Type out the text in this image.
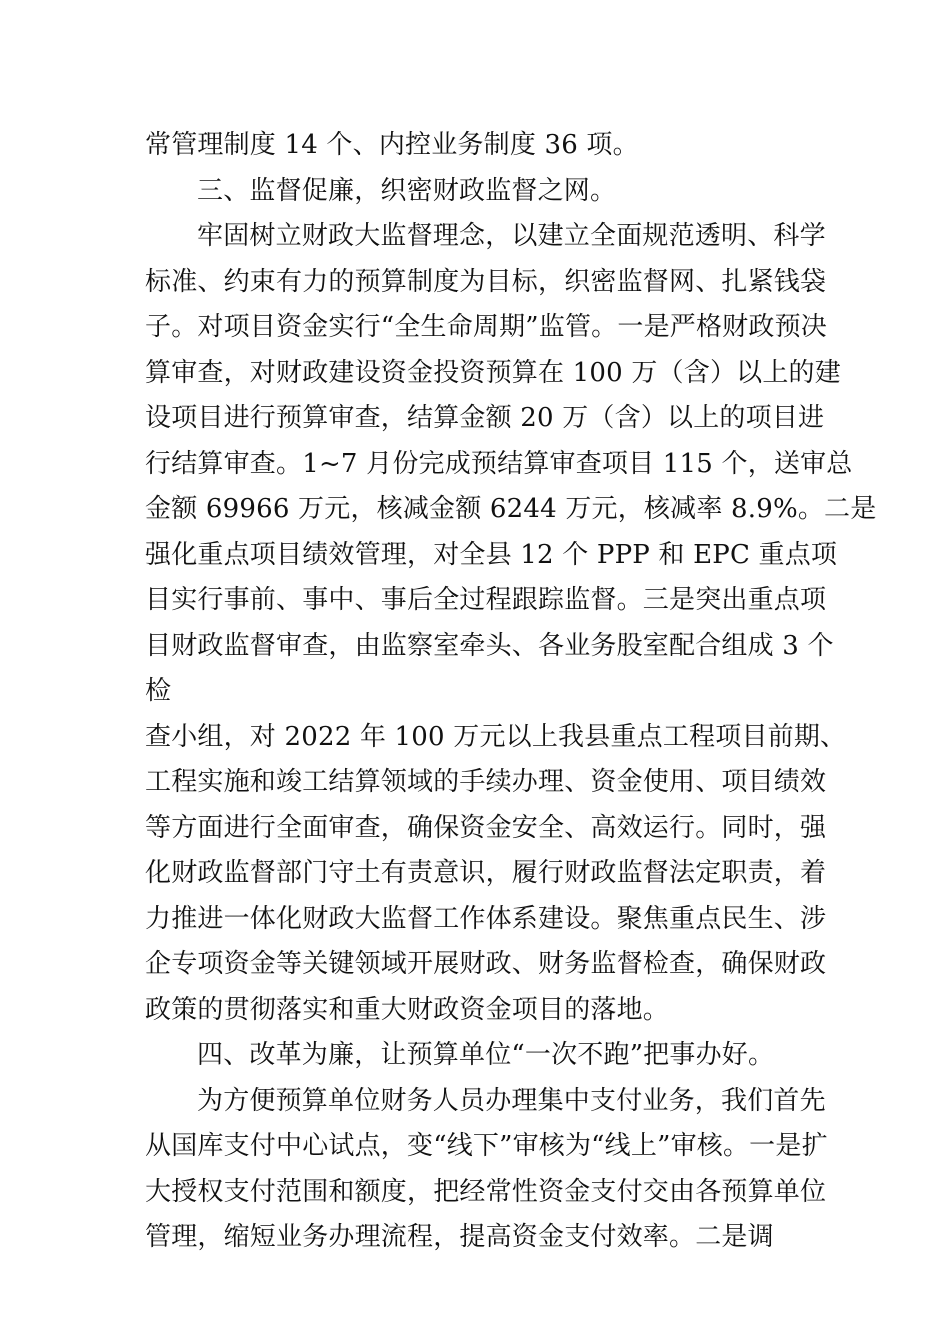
常管理制度 14 个、内控业务制度 36 项。
三、监督促廉，织密财政监督之网。
牢固树立财政大监督理念，以建立全面规范透明、科学
标准、约束有力的预算制度为目标，织密监督网、扎紧钱袋
子。对项目资金实行“全生命周期”监管。一是严格财政预决
算审查，对财政建设资金投资预算在 100 万（含）以上的建
设项目进行预算审查，结算金额 20 万（含）以上的项目进
行结算审查。1~7 月份完成预结算审查项目 115 个，送审总
金额 69966 万元，核减金额 6244 万元，核减率 8.9%。二是
强化重点项目绩效管理，对全县 12 个 PPP 和 EPC 重点项
目实行事前、事中、事后全过程跟踪监督。三是突出重点项
目财政监督审查，由监察室牵头、各业务股室配合组成 3 个
检
查小组，对 2022 年 100 万元以上我县重点工程项目前期、
工程实施和竣工结算领域的手续办理、资金使用、项目绩效
等方面进行全面审查，确保资金安全、高效运行。同时，强
化财政监督部门守土有责意识，履行财政监督法定职责，着
力推进一体化财政大监督工作体系建设。聚焦重点民生、涉
企专项资金等关键领域开展财政、财务监督检查，确保财政
政策的贯彻落实和重大财政资金项目的落地。
四、改革为廉，让预算单位“一次不跑”把事办好。
为方便预算单位财务人员办理集中支付业务，我们首先
从国库支付中心试点，变“线下”审核为“线上”审核。一是扩
大授权支付范围和额度，把经常性资金支付交由各预算单位
管理，缩短业务办理流程，提高资金支付效率。二是调
